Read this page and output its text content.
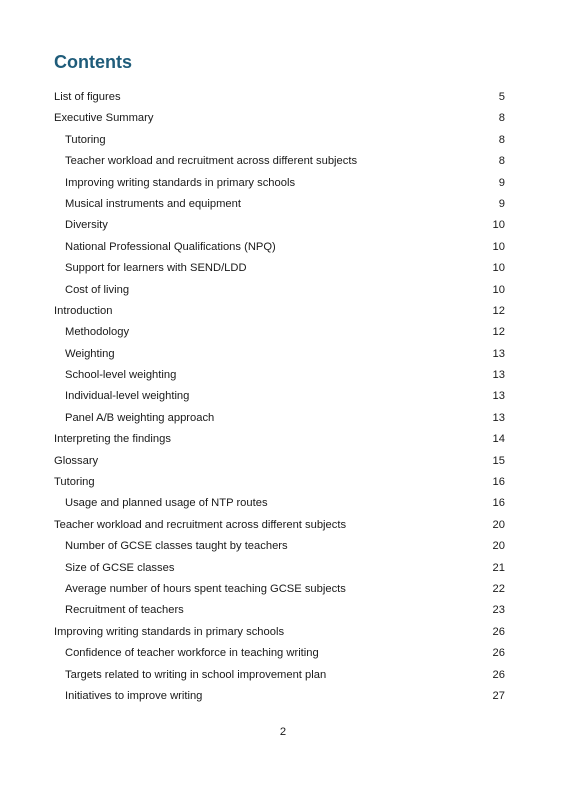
Contents
List of figures	5
Executive Summary	8
Tutoring	8
Teacher workload and recruitment across different subjects	8
Improving writing standards in primary schools	9
Musical instruments and equipment	9
Diversity	10
National Professional Qualifications (NPQ)	10
Support for learners with SEND/LDD	10
Cost of living	10
Introduction	12
Methodology	12
Weighting	13
School-level weighting	13
Individual-level weighting	13
Panel A/B weighting approach	13
Interpreting the findings	14
Glossary	15
Tutoring	16
Usage and planned usage of NTP routes	16
Teacher workload and recruitment across different subjects	20
Number of GCSE classes taught by teachers	20
Size of GCSE classes	21
Average number of hours spent teaching GCSE subjects	22
Recruitment of teachers	23
Improving writing standards in primary schools	26
Confidence of teacher workforce in teaching writing	26
Targets related to writing in school improvement plan	26
Initiatives to improve writing	27
2
